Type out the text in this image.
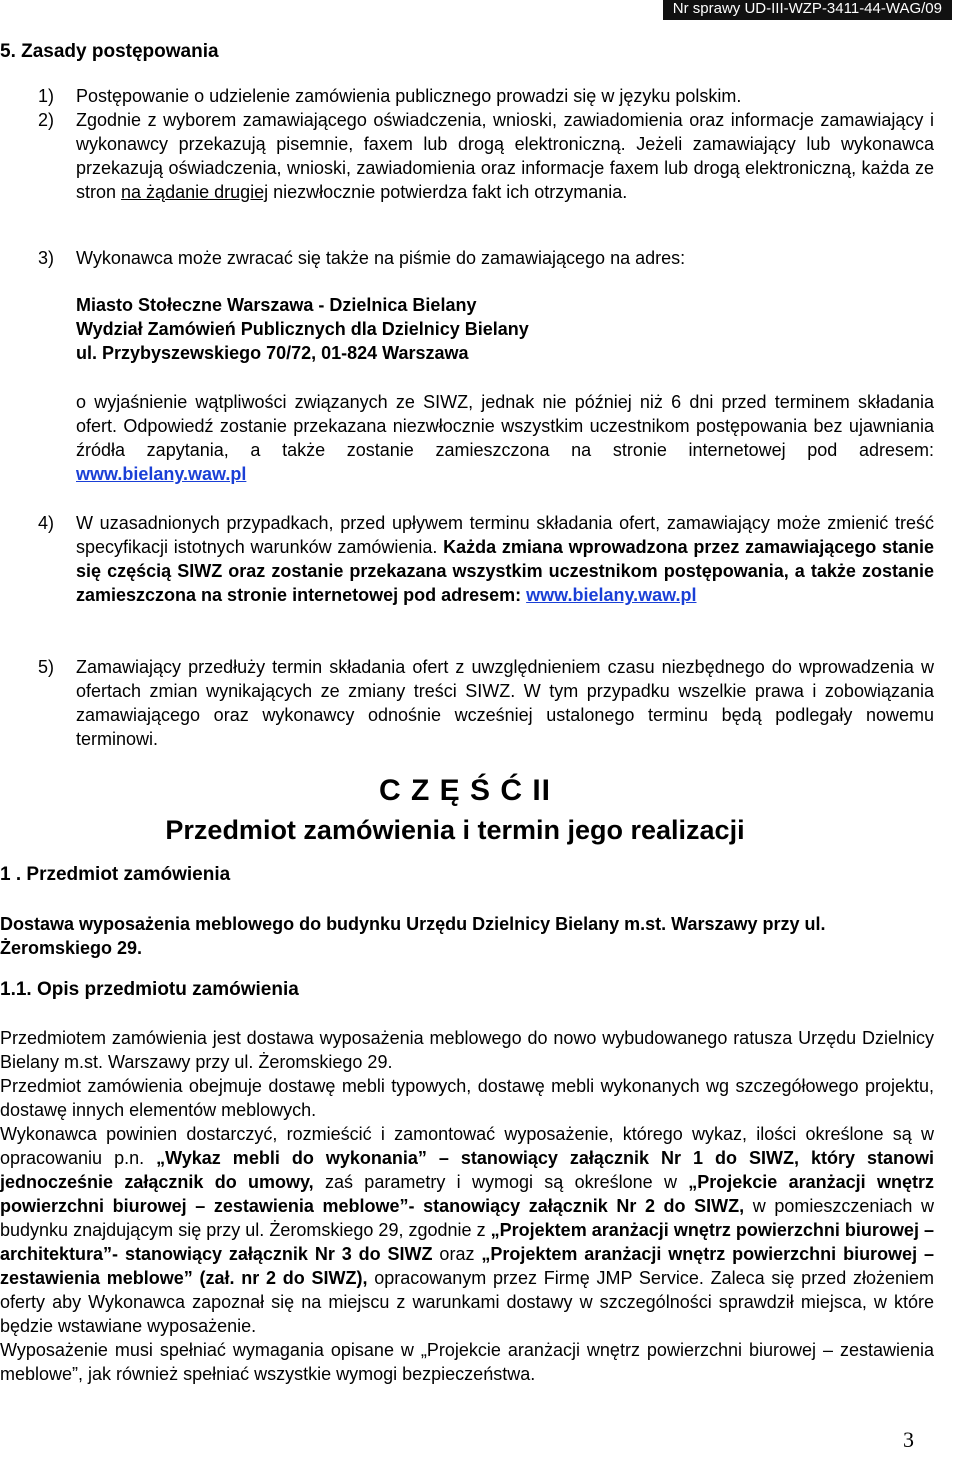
Nr sprawy UD-III-WZP-3411-44-WAG/09
5. Zasady postępowania
1) Postępowanie o udzielenie zamówienia publicznego prowadzi się w języku polskim.

2) Zgodnie z wyborem zamawiającego oświadczenia, wnioski, zawiadomienia oraz informacje zamawiający i wykonawcy przekazują pisemnie, faxem lub drogą elektroniczną. Jeżeli zamawiający lub wykonawca przekazują oświadczenia, wnioski, zawiadomienia oraz informacje faxem lub drogą elektroniczną, każda ze stron na żądanie drugiej niezwłocznie potwierdza fakt ich otrzymania.

3) Wykonawca może zwracać się także na piśmie do zamawiającego na adres:

Miasto Stołeczne Warszawa - Dzielnica Bielany
Wydział Zamówień Publicznych dla Dzielnicy Bielany
ul. Przybyszewskiego 70/72, 01-824 Warszawa

o wyjaśnienie wątpliwości związanych ze SIWZ, jednak nie później niż 6 dni przed terminem składania ofert. Odpowiedź zostanie przekazana niezwłocznie wszystkim uczestnikom postępowania bez ujawniania źródła zapytania, a także zostanie zamieszczona na stronie internetowej pod adresem: www.bielany.waw.pl

4) W uzasadnionych przypadkach, przed upływem terminu składania ofert, zamawiający może zmienić treść specyfikacji istotnych warunków zamówienia. Każda zmiana wprowadzona przez zamawiającego stanie się częścią SIWZ oraz zostanie przekazana wszystkim uczestnikom postępowania, a także zostanie zamieszczona na stronie internetowej pod adresem: www.bielany.waw.pl

5) Zamawiający przedłuży termin składania ofert z uwzględnieniem czasu niezbędnego do wprowadzenia w ofertach zmian wynikających ze zmiany treści SIWZ. W tym przypadku wszelkie prawa i zobowiązania zamawiającego oraz wykonawcy odnośnie wcześniej ustalonego terminu będą podlegały nowemu terminowi.

C Z Ę Ś Ć II
Przedmiot zamówienia i termin jego realizacji
1 . Przedmiot zamówienia

Dostawa wyposażenia meblowego do budynku Urzędu Dzielnicy Bielany m.st. Warszawy przy ul. Żeromskiego 29.

1.1. Opis przedmiotu zamówienia

Przedmiotem zamówienia jest dostawa wyposażenia meblowego do nowo wybudowanego ratusza Urzędu Dzielnicy Bielany m.st. Warszawy przy ul. Żeromskiego 29.

Przedmiot zamówienia obejmuje dostawę mebli typowych, dostawę mebli wykonanych wg szczegółowego projektu, dostawę innych elementów meblowych.

Wykonawca powinien dostarczyć, rozmieścić i zamontować wyposażenie, którego wykaz, ilości określone są w opracowaniu p.n. „Wykaz mebli do wykonania” – stanowiący załącznik Nr 1 do SIWZ, który stanowi jednocześnie załącznik do umowy, zaś parametry i wymogi są określone w „Projekcie aranżacji wnętrz powierzchni biurowej – zestawienia meblowe”- stanowiący załącznik Nr 2 do SIWZ, w pomieszczeniach w budynku znajdującym się przy ul. Żeromskiego 29, zgodnie z „Projektem aranżacji wnętrz powierzchni biurowej – architektura”- stanowiący załącznik Nr 3 do SIWZ oraz „Projektem aranżacji wnętrz powierzchni biurowej – zestawienia meblowe” (zał. nr 2 do SIWZ), opracowanym przez Firmę JMP Service. Zaleca się przed złożeniem oferty aby Wykonawca zapoznał się na miejscu z warunkami dostawy w szczególności sprawdził miejsca, w które będzie wstawiane wyposażenie.

Wyposażenie musi spełniać wymagania opisane w „Projekcie aranżacji wnętrz powierzchni biurowej – zestawienia meblowe”, jak również spełniać wszystkie wymogi bezpieczeństwa.

3
